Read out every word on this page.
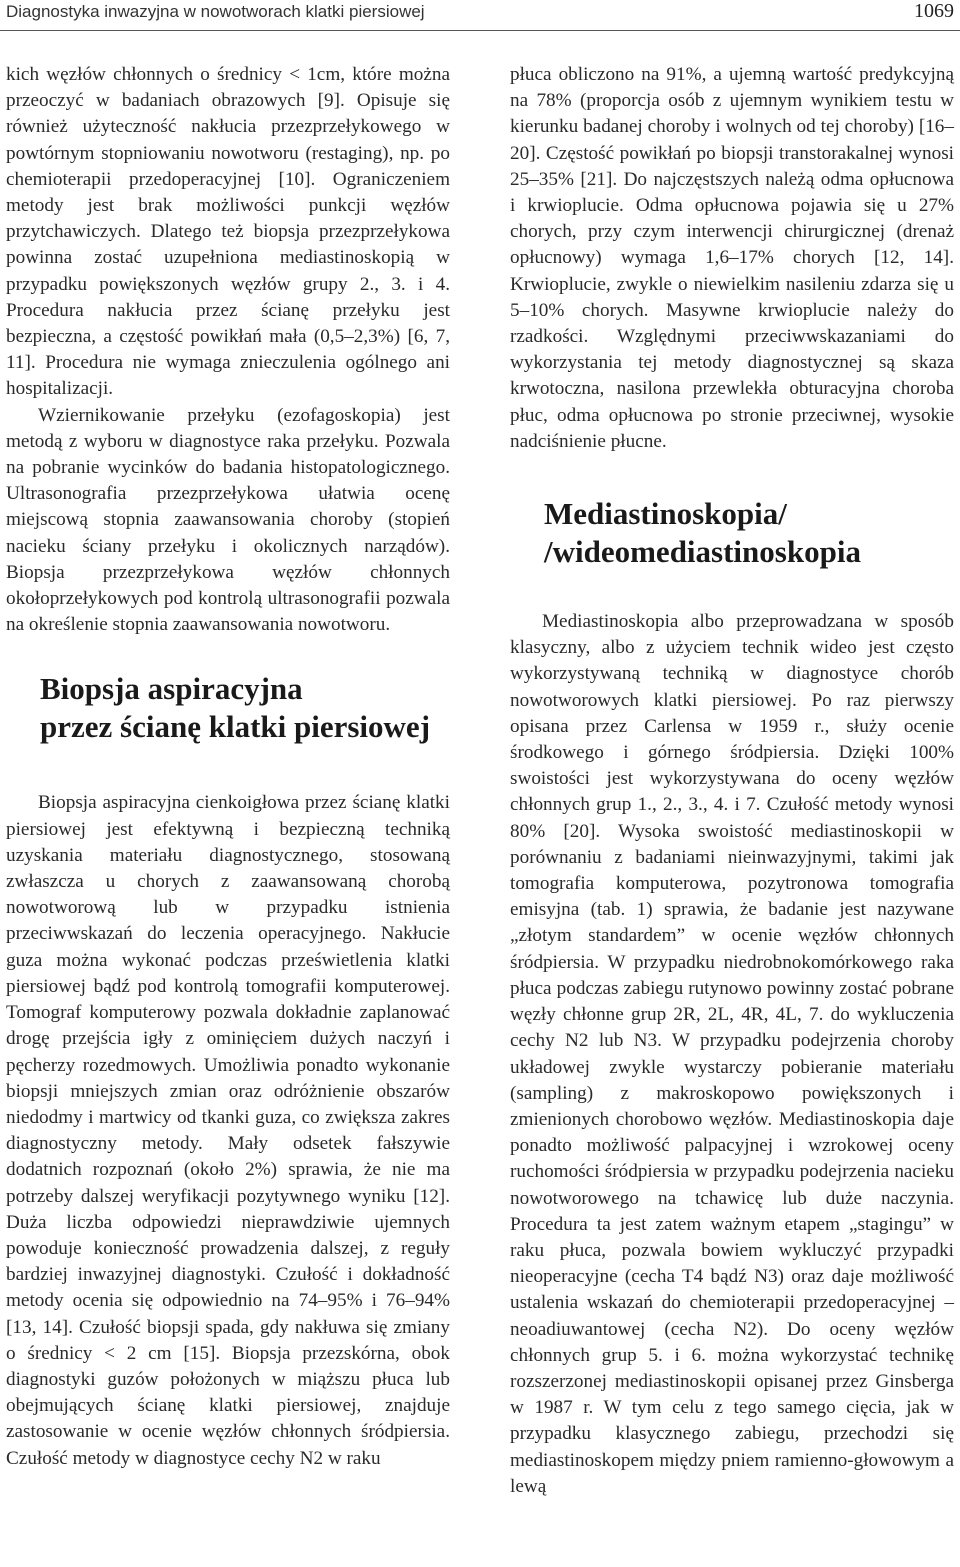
Diagnostyka inwazyjna w nowotworach klatki piersiowej	1069

kich węzłów chłonnych o średnicy < 1cm, które można przeoczyć w badaniach obrazowych [9]. Opisuje się również użyteczność nakłucia przezprzełykowego w powtórnym stopniowaniu nowotworu (restaging), np. po chemioterapii przedoperacyjnej [10]. Ograniczeniem metody jest brak możliwości punkcji węzłów przytchawiczych. Dlatego też biopsja przezprzełykowa powinna zostać uzupełniona mediastinoskopią w przypadku powiększonych węzłów grupy 2., 3. i 4. Procedura nakłucia przez ścianę przełyku jest bezpieczna, a częstość powikłań mała (0,5–2,3%) [6, 7, 11]. Procedura nie wymaga znieczulenia ogólnego ani hospitalizacji.

Wziernikowanie przełyku (ezofagoskopia) jest metodą z wyboru w diagnostyce raka przełyku. Pozwala na pobranie wycinków do badania histopatologicznego. Ultrasonografia przezprzełykowa ułatwia ocenę miejscową stopnia zaawansowania choroby (stopień nacieku ściany przełyku i okolicznych narządów). Biopsja przezprzełykowa węzłów chłonnych okołoprzełykowych pod kontrolą ultrasonografii pozwala na określenie stopnia zaawansowania nowotworu.

Biopsja aspiracyjna
przez ścianę klatki piersiowej

Biopsja aspiracyjna cienkoigłowa przez ścianę klatki piersiowej jest efektywną i bezpieczną techniką uzyskania materiału diagnostycznego, stosowaną zwłaszcza u chorych z zaawansowaną chorobą nowotworową lub w przypadku istnienia przeciwwskazań do leczenia operacyjnego. Nakłucie guza można wykonać podczas prześwietlenia klatki piersiowej bądź pod kontrolą tomografii komputerowej. Tomograf komputerowy pozwala dokładnie zaplanować drogę przejścia igły z ominięciem dużych naczyń i pęcherzy rozedmowych. Umożliwia ponadto wykonanie biopsji mniejszych zmian oraz odróżnienie obszarów niedodmy i martwicy od tkanki guza, co zwiększa zakres diagnostyczny metody. Mały odsetek fałszywie dodatnich rozpoznań (około 2%) sprawia, że nie ma potrzeby dalszej weryfikacji pozytywnego wyniku [12]. Duża liczba odpowiedzi nieprawdziwie ujemnych powoduje konieczność prowadzenia dalszej, z reguły bardziej inwazyjnej diagnostyki. Czułość i dokładność metody ocenia się odpowiednio na 74–95% i 76–94% [13, 14]. Czułość biopsji spada, gdy nakłuwa się zmiany o średnicy < 2 cm [15]. Biopsja przezskórna, obok diagnostyki guzów położonych w miąższu płuca lub obejmujących ścianę klatki piersiowej, znajduje zastosowanie w ocenie węzłów chłonnych śródpiersia. Czułość metody w diagnostyce cechy N2 w raku

płuca obliczono na 91%, a ujemną wartość predykcyjną na 78% (proporcja osób z ujemnym wynikiem testu w kierunku badanej choroby i wolnych od tej choroby) [16–20]. Częstość powikłań po biopsji transtorakalnej wynosi 25–35% [21]. Do najczęstszych należą odma opłucnowa i krwioplucie. Odma opłucnowa pojawia się u 27% chorych, przy czym interwencji chirurgicznej (drenaż opłucnowy) wymaga 1,6–17% chorych [12, 14]. Krwioplucie, zwykle o niewielkim nasileniu zdarza się u 5–10% chorych. Masywne krwioplucie należy do rzadkości. Względnymi przeciwwskazaniami do wykorzystania tej metody diagnostycznej są skaza krwotoczna, nasilona przewlekła obturacyjna choroba płuc, odma opłucnowa po stronie przeciwnej, wysokie nadciśnienie płucne.

Mediastinoskopia/
/wideomediastinoskopia

Mediastinoskopia albo przeprowadzana w sposób klasyczny, albo z użyciem technik wideo jest często wykorzystywaną techniką w diagnostyce chorób nowotworowych klatki piersiowej. Po raz pierwszy opisana przez Carlensa w 1959 r., służy ocenie środkowego i górnego śródpiersia. Dzięki 100% swoistości jest wykorzystywana do oceny węzłów chłonnych grup 1., 2., 3., 4. i 7. Czułość metody wynosi 80% [20]. Wysoka swoistość mediastinoskopii w porównaniu z badaniami nieinwazyjnymi, takimi jak tomografia komputerowa, pozytronowa tomografia emisyjna (tab. 1) sprawia, że badanie jest nazywane „złotym standardem” w ocenie węzłów chłonnych śródpiersia. W przypadku niedrobnokomórkowego raka płuca podczas zabiegu rutynowo powinny zostać pobrane węzły chłonne grup 2R, 2L, 4R, 4L, 7. do wykluczenia cechy N2 lub N3. W przypadku podejrzenia choroby układowej zwykle wystarczy pobieranie materiału (sampling) z makroskopowo powiększonych i zmienionych chorobowo węzłów. Mediastinoskopia daje ponadto możliwość palpacyjnej i wzrokowej oceny ruchomości śródpiersia w przypadku podejrzenia nacieku nowotworowego na tchawicę lub duże naczynia. Procedura ta jest zatem ważnym etapem „stagingu” w raku płuca, pozwala bowiem wykluczyć przypadki nieoperacyjne (cecha T4 bądź N3) oraz daje możliwość ustalenia wskazań do chemioterapii przedoperacyjnej – neoadiuwantowej (cecha N2). Do oceny węzłów chłonnych grup 5. i 6. można wykorzystać technikę rozszerzonej mediastinoskopii opisanej przez Ginsberga w 1987 r. W tym celu z tego samego cięcia, jak w przypadku klasycznego zabiegu, przechodzi się mediastinoskopem między pniem ramienno-głowowym a lewą
